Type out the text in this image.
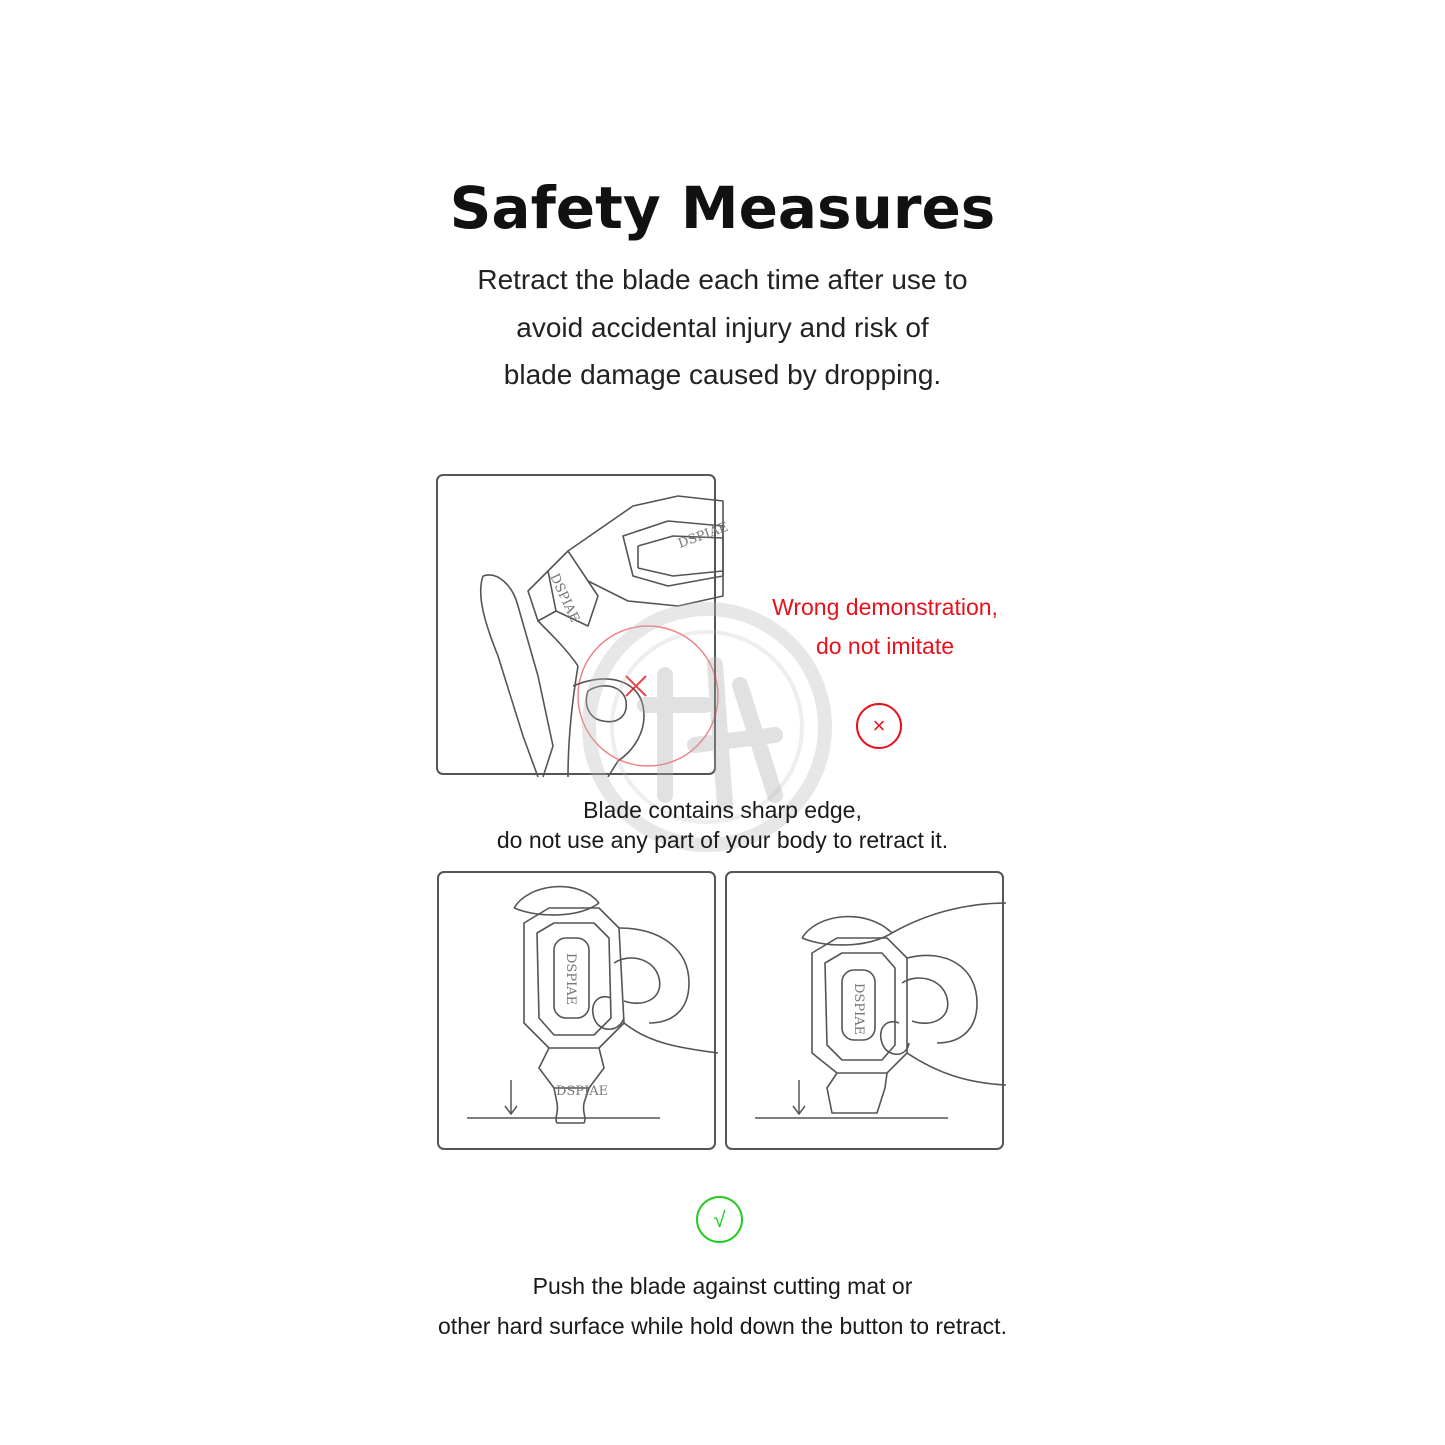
Safety Measures
Retract the blade each time after use to
avoid accidental injury and risk of
blade damage caused by dropping.
DSPIAE
DSPIAE	Wrong demonstration,
do not imitate
×
Blade contains sharp edge,
do not use any part of your body to retract it.
DSPIAE
DSPIAE
DSPIAE
√
Push the blade against cutting mat or
other hard surface while hold down the button to retract.
